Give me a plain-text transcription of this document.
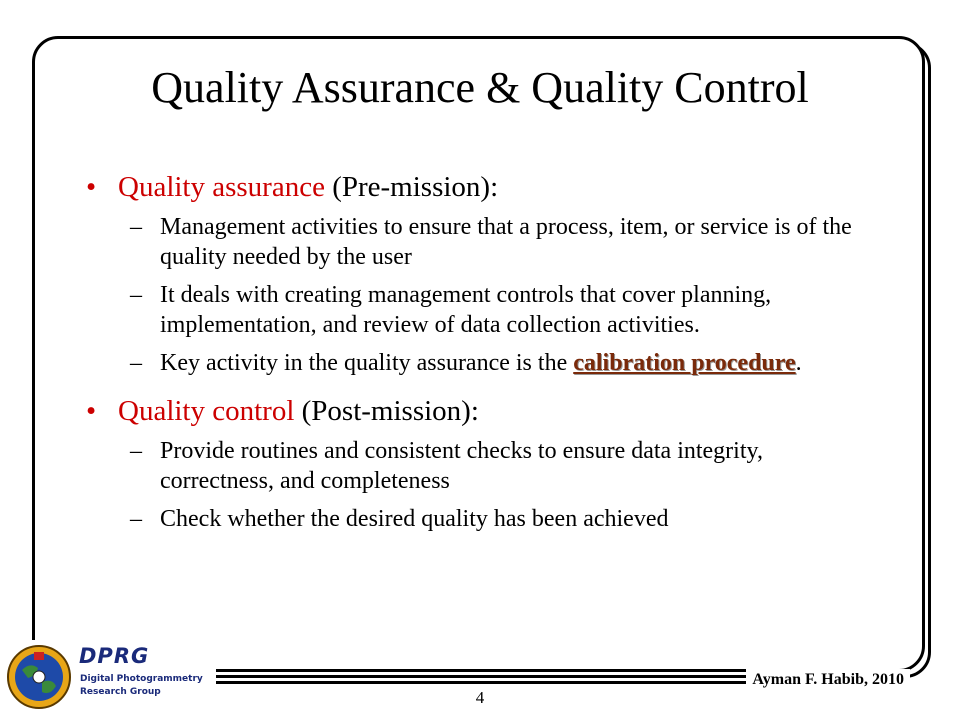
Quality Assurance & Quality Control
• Quality assurance (Pre-mission):
– Management activities to ensure that a process, item, or service is of the quality needed by the user
– It deals with creating management controls that cover planning, implementation, and review of data collection activities.
– Key activity in the quality assurance is the calibration procedure.
• Quality control (Post-mission):
– Provide routines and consistent checks to ensure data integrity, correctness, and completeness
– Check whether the desired quality has been achieved
Ayman F. Habib, 2010
4
DPRG
Digital Photogrammetry
Research Group
